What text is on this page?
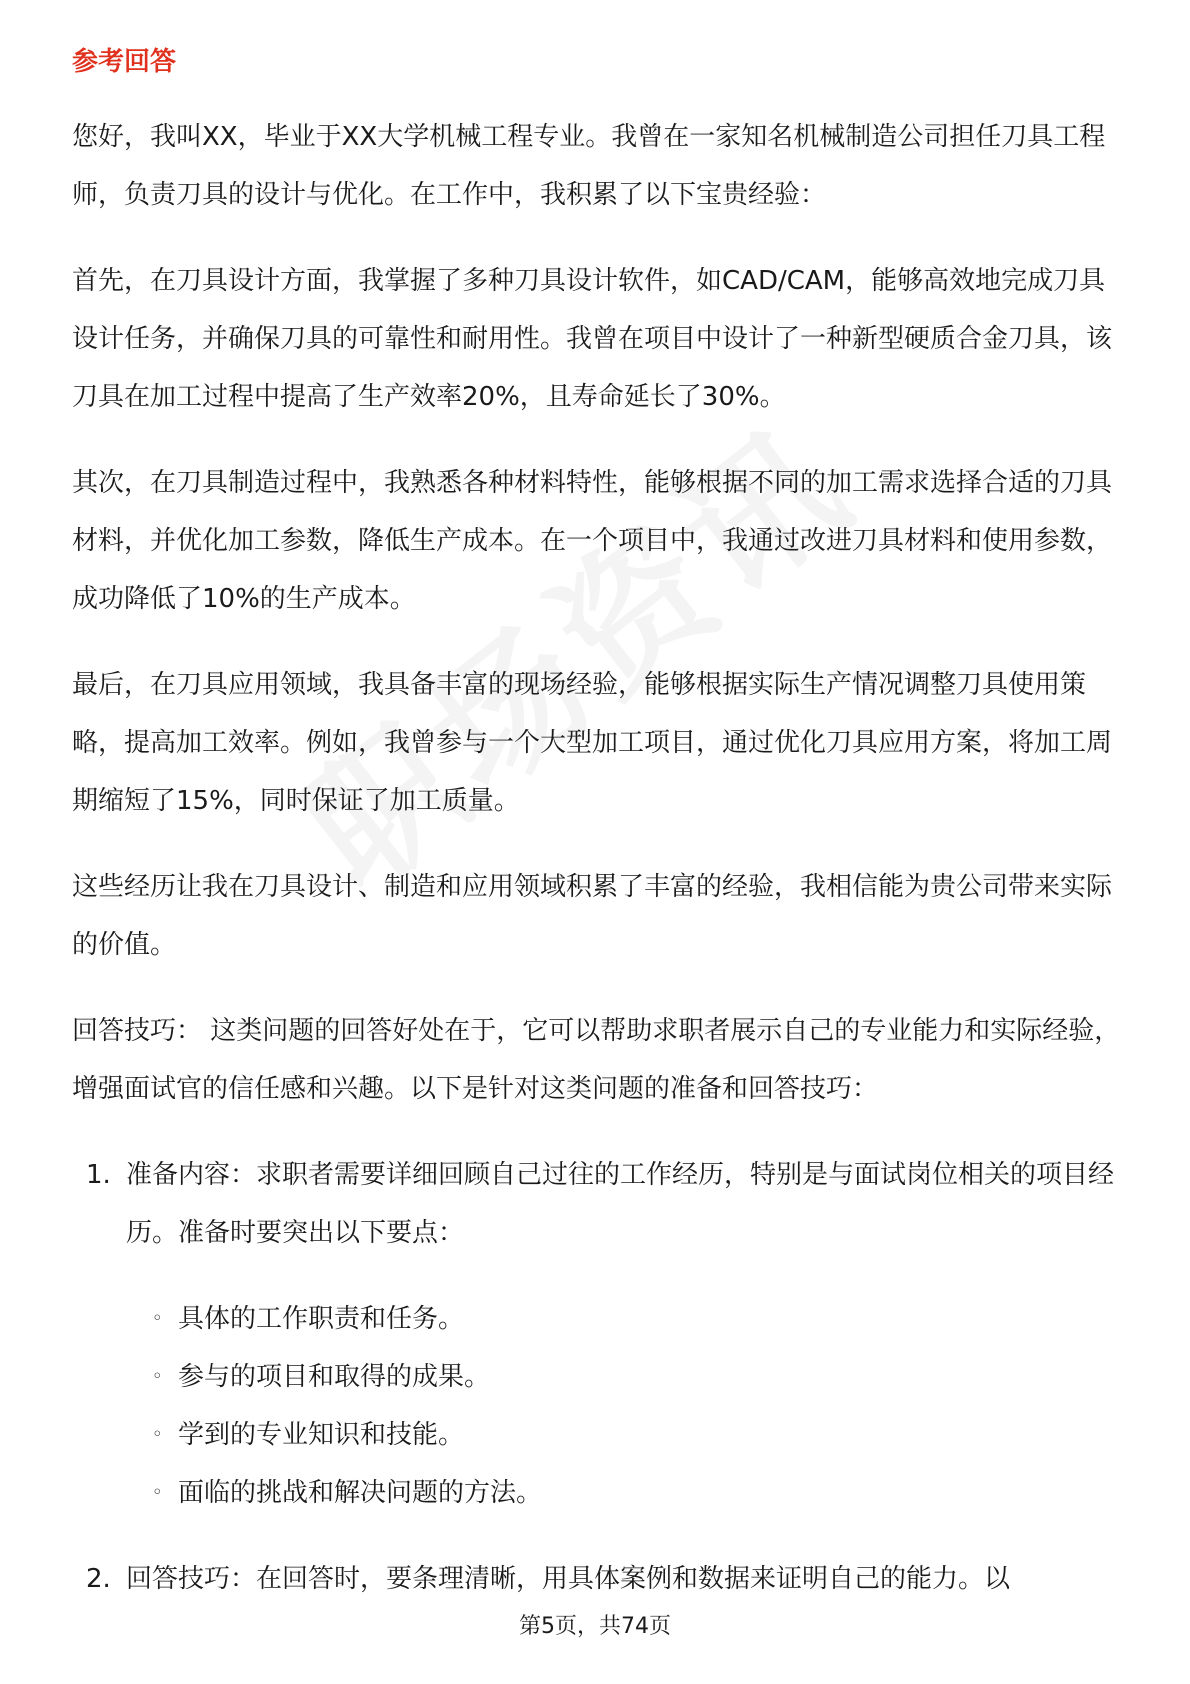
参考回答

您好，我叫XX，毕业于XX大学机械工程专业。我曾在一家知名机械制造公司担任刀具工程师，负责刀具的设计与优化。在工作中，我积累了以下宝贵经验：

首先，在刀具设计方面，我掌握了多种刀具设计软件，如CAD/CAM，能够高效地完成刀具设计任务，并确保刀具的可靠性和耐用性。我曾在项目中设计了一种新型硬质合金刀具，该刀具在加工过程中提高了生产效率20%，且寿命延长了30%。

其次，在刀具制造过程中，我熟悉各种材料特性，能够根据不同的加工需求选择合适的刀具材料，并优化加工参数，降低生产成本。在一个项目中，我通过改进刀具材料和使用参数，成功降低了10%的生产成本。

最后，在刀具应用领域，我具备丰富的现场经验，能够根据实际生产情况调整刀具使用策略，提高加工效率。例如，我曾参与一个大型加工项目，通过优化刀具应用方案，将加工周期缩短了15%，同时保证了加工质量。

这些经历让我在刀具设计、制造和应用领域积累了丰富的经验，我相信能为贵公司带来实际的价值。

回答技巧： 这类问题的回答好处在于，它可以帮助求职者展示自己的专业能力和实际经验，增强面试官的信任感和兴趣。以下是针对这类问题的准备和回答技巧：

1. 准备内容：求职者需要详细回顾自己过往的工作经历，特别是与面试岗位相关的项目经历。准备时要突出以下要点：
◦ 具体的工作职责和任务。
◦ 参与的项目和取得的成果。
◦ 学到的专业知识和技能。
◦ 面临的挑战和解决问题的方法。
2. 回答技巧：在回答时，要条理清晰，用具体案例和数据来证明自己的能力。以
第5页，共74页
